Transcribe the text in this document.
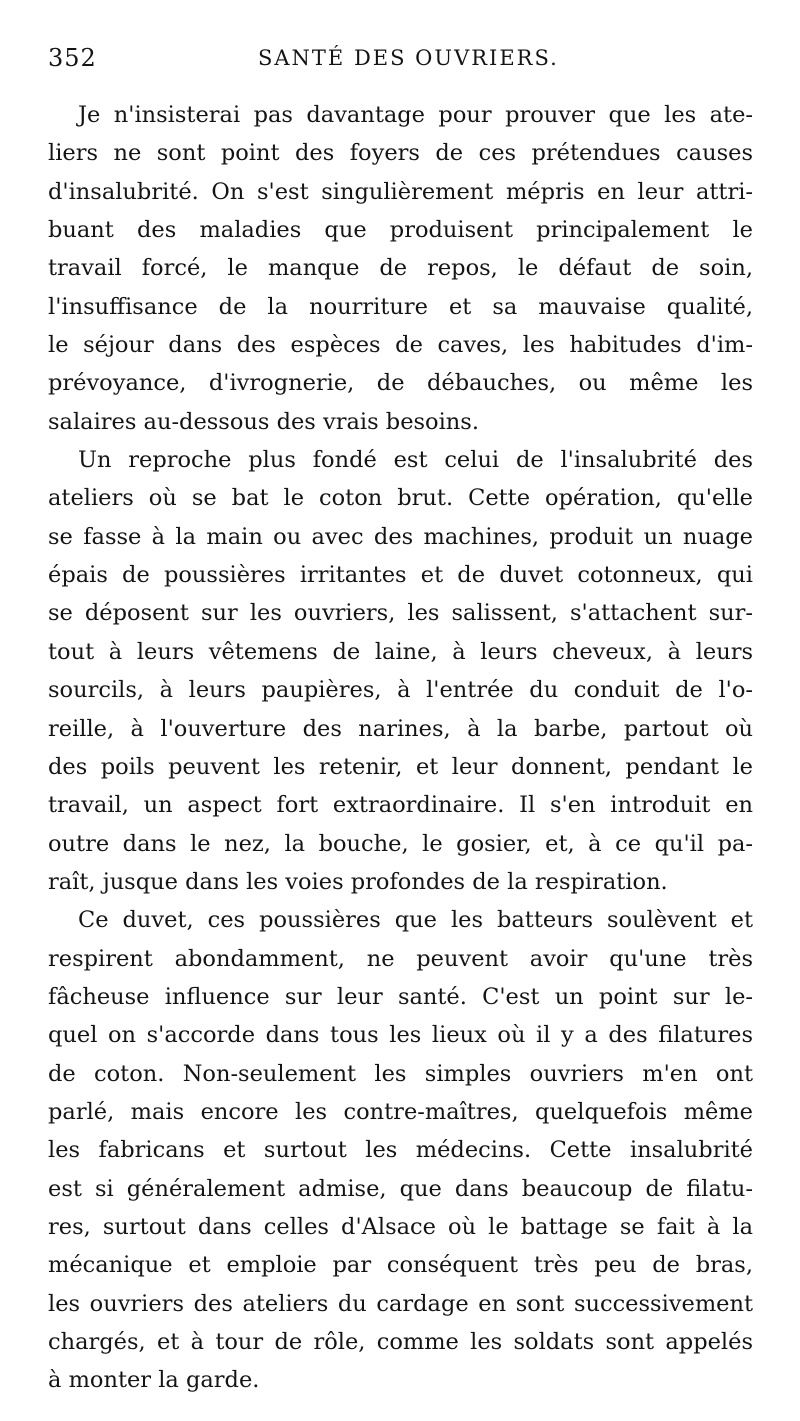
352	SANTÉ DES OUVRIERS.
Je n'insisterai pas davantage pour prouver que les ate-
liers ne sont point des foyers de ces prétendues causes
d'insalubrité. On s'est singulièrement mépris en leur attri-
buant des maladies que produisent principalement le
travail forcé, le manque de repos, le défaut de soin,
l'insuffisance de la nourriture et sa mauvaise qualité,
le séjour dans des espèces de caves, les habitudes d'im-
prévoyance, d'ivrognerie, de débauches, ou même les
salaires au-dessous des vrais besoins.
Un reproche plus fondé est celui de l'insalubrité des
ateliers où se bat le coton brut. Cette opération, qu'elle
se fasse à la main ou avec des machines, produit un nuage
épais de poussières irritantes et de duvet cotonneux, qui
se déposent sur les ouvriers, les salissent, s'attachent sur-
tout à leurs vêtemens de laine, à leurs cheveux, à leurs
sourcils, à leurs paupières, à l'entrée du conduit de l'o-
reille, à l'ouverture des narines, à la barbe, partout où
des poils peuvent les retenir, et leur donnent, pendant le
travail, un aspect fort extraordinaire. Il s'en introduit en
outre dans le nez, la bouche, le gosier, et, à ce qu'il pa-
raît, jusque dans les voies profondes de la respiration.
Ce duvet, ces poussières que les batteurs soulèvent et
respirent abondamment, ne peuvent avoir qu'une très
fâcheuse influence sur leur santé. C'est un point sur le-
quel on s'accorde dans tous les lieux où il y a des filatures
de coton. Non-seulement les simples ouvriers m'en ont
parlé, mais encore les contre-maîtres, quelquefois même
les fabricans et surtout les médecins. Cette insalubrité
est si généralement admise, que dans beaucoup de filatu-
res, surtout dans celles d'Alsace où le battage se fait à la
mécanique et emploie par conséquent très peu de bras,
les ouvriers des ateliers du cardage en sont successivement
chargés, et à tour de rôle, comme les soldats sont appelés
à monter la garde.
